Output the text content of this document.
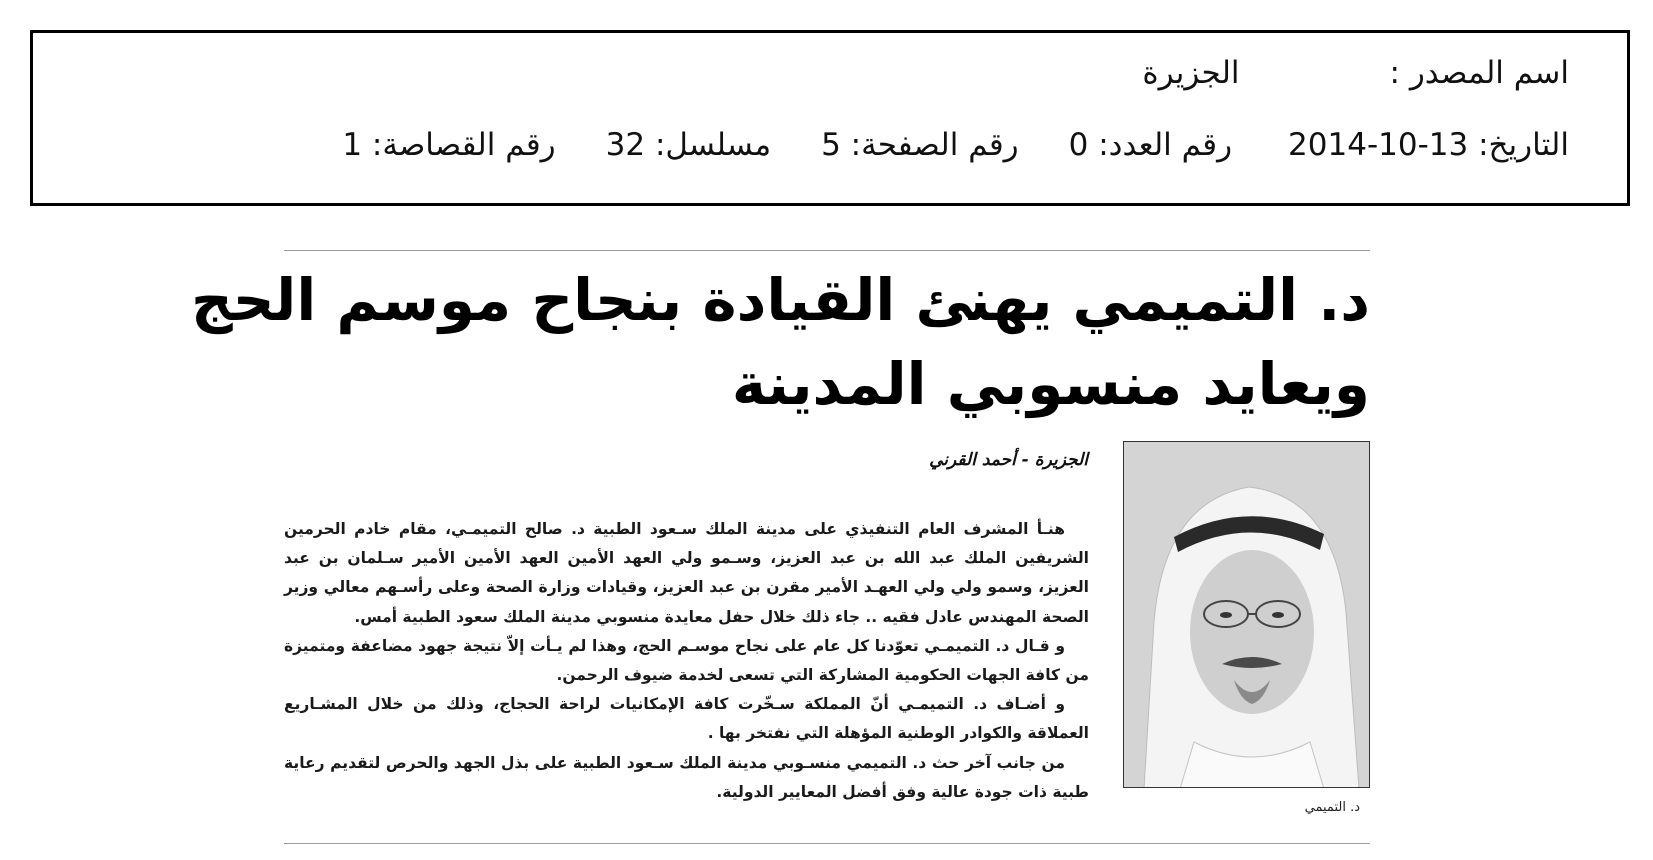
اسم المصدر :الجزيرة
التاريخ: 2014-10-13رقم العدد: 0رقم الصفحة: 5مسلسل: 32رقم القصاصة: 1
د. التميمي يهنئ القيادة بنجاح موسم الحج
ويعايد منسوبي المدينة
د. التميمي
الجزيرة - أحمد القرني

هنـأ المشرف العام التنفيذي على مدينة الملك سـعود الطبية د. صالح التميمـي، مقام خادم الحرمين الشريفين الملك عبد الله بن عبد العزيز، وسـمو ولي العهد الأمين العهد الأمين الأمير سـلمان بن عبد العزيز، وسمو ولي ولي العهـد الأمير مقرن بن عبد العزيز، وقيادات وزارة الصحة وعلى رأسـهم معالي وزير الصحة المهندس عادل فقيه .. جاء ذلك خلال حفل معايدة منسوبي مدينة الملك سعود الطبية أمس.

و قـال د. التميمـي تعوّدنا كل عام على نجاح موسـم الحج، وهذا لم يـأت إلاّ نتيجة جهود مضاعفة ومتميزة من كافة الجهات الحكومية المشاركة التي تسعى لخدمة ضيوف الرحمن.

و أضـاف د. التميمـي أنّ المملكة سـخّرت كافة الإمكانيات لراحة الحجاج، وذلك من خلال المشـاريع العملاقة والكوادر الوطنية المؤهلة التي نفتخر بها .

من جانب آخر حث د. التميمي منسـوبي مدينة الملك سـعود الطبية على بذل الجهد والحرص لتقديم رعاية طبية ذات جودة عالية وفق أفضل المعايير الدولية.
